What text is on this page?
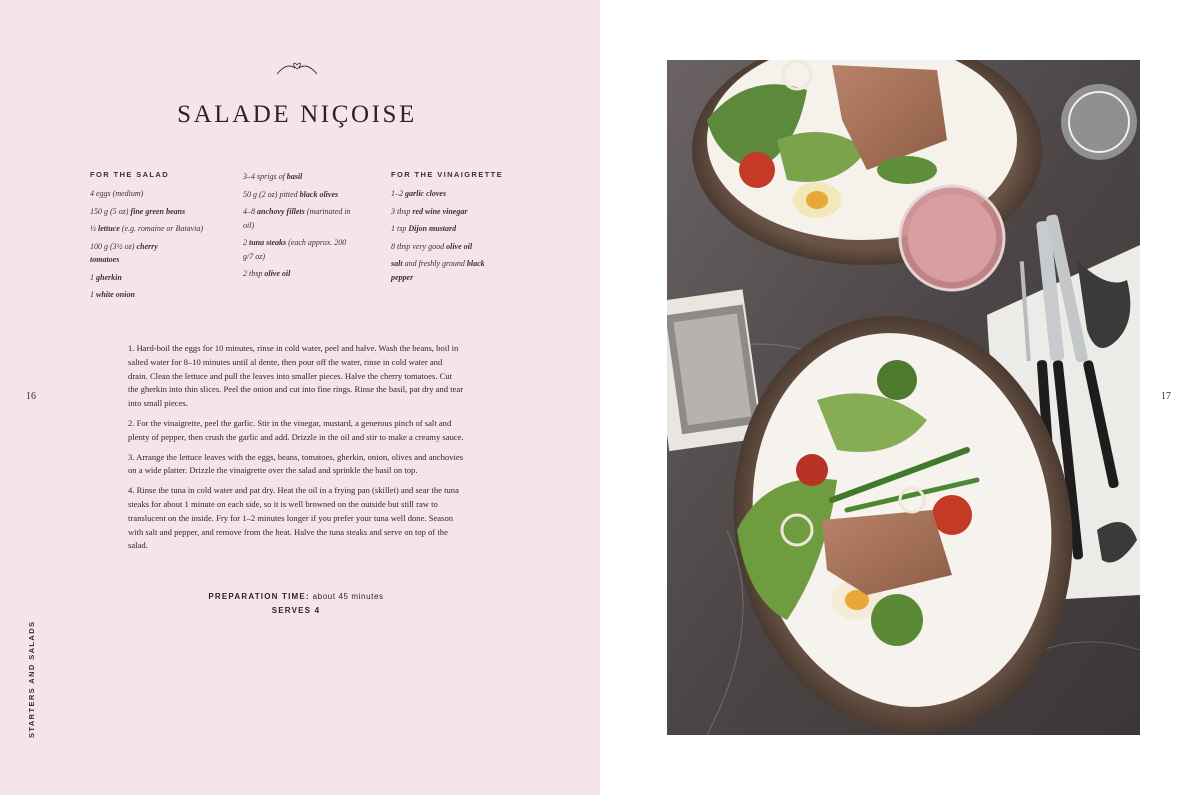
SALADE NIÇOISE
FOR THE SALAD
4 eggs (medium)
150 g (5 oz) fine green beans
½ lettuce (e.g. romaine or Batavia)
100 g (3½ oz) cherry tomatoes
1 gherkin
1 white onion
3–4 sprigs of basil
50 g (2 oz) pitted black olives
4–8 anchovy fillets (marinated in oil)
2 tuna steaks (each approx. 200 g/7 oz)
2 tbsp olive oil
FOR THE VINAIGRETTE
1–2 garlic cloves
3 tbsp red wine vinegar
1 tsp Dijon mustard
8 tbsp very good olive oil
salt and freshly ground black pepper

1. Hard-boil the eggs for 10 minutes, rinse in cold water, peel and halve. Wash the beans, boil in salted water for 8–10 minutes until al dente, then pour off the water, rinse in cold water and drain. Clean the lettuce and pull the leaves into smaller pieces. Halve the cherry tomatoes. Cut the gherkin into thin slices. Peel the onion and cut into fine rings. Rinse the basil, pat dry and tear into small pieces.

2. For the vinaigrette, peel the garlic. Stir in the vinegar, mustard, a generous pinch of salt and plenty of pepper, then crush the garlic and add. Drizzle in the oil and stir to make a creamy sauce.

3. Arrange the lettuce leaves with the eggs, beans, tomatoes, gherkin, onion, olives and anchovies on a wide platter. Drizzle the vinaigrette over the salad and sprinkle the basil on top.

4. Rinse the tuna in cold water and pat dry. Heat the oil in a frying pan (skillet) and sear the tuna steaks for about 1 minute on each side, so it is well browned on the outside but still raw to translucent on the inside. Fry for 1–2 minutes longer if you prefer your tuna well done. Season with salt and pepper, and remove from the heat. Halve the tuna steaks and serve on top of the salad.

PREPARATION TIME: about 45 minutes
SERVES 4
16
STARTERS AND SALADS
17
